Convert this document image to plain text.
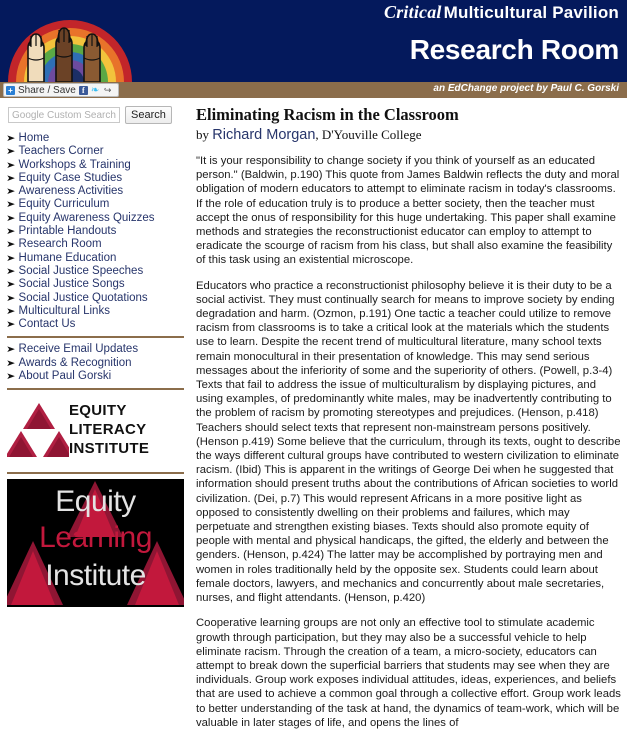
Critical Multicultural Pavilion
Research Room
+ Share / Save f ❧ ↪	an EdChange project by Paul C. Gorski
Google Custom Search
Search
➤ Home
➤ Teachers Corner
➤ Workshops & Training
➤ Equity Case Studies
➤ Awareness Activities
➤ Equity Curriculum
➤ Equity Awareness Quizzes
➤ Printable Handouts
➤ Research Room
➤ Humane Education
➤ Social Justice Speeches
➤ Social Justice Songs
➤ Social Justice Quotations
➤ Multicultural Links
➤ Contact Us
➤ Receive Email Updates
➤ Awards & Recognition
➤ About Paul Gorski
EQUITY
LITERACY
INSTITUTE
Equity
Learning
Institute
Eliminating Racism in the Classroom
by Richard Morgan, D'Youville College

"It is your responsibility to change society if you think of yourself as an educated person." (Baldwin, p.190) This quote from James Baldwin reflects the duty and moral obligation of modern educators to attempt to eliminate racism in today's classrooms. If the role of education truly is to produce a better society, then the teacher must accept the onus of responsibility for this huge undertaking. This paper shall examine methods and strategies the reconstructionist educator can employ to attempt to eradicate the scourge of racism from his class, but shall also examine the feasibility of this task using an existential microscope.

Educators who practice a reconstructionist philosophy believe it is their duty to be a social activist. They must continually search for means to improve society by ending degradation and harm. (Ozmon, p.191) One tactic a teacher could utilize to remove racism from classrooms is to take a critical look at the materials which the students use to learn. Despite the recent trend of multicultural literature, many school texts remain monocultural in their presentation of knowledge. This may send serious messages about the inferiority of some and the superiority of others. (Powell, p.3-4) Texts that fail to address the issue of multiculturalism by displaying pictures, and using examples, of predominantly white males, may be inadvertently contributing to the problem of racism by promoting stereotypes and prejudices. (Henson, p.418) Teachers should select texts that represent non-mainstream persons positively. (Henson p.419) Some believe that the curriculum, through its texts, ought to describe the ways different cultural groups have contributed to western civilization to eliminate racism. (Ibid) This is apparent in the writings of George Dei when he suggested that information should present truths about the contributions of African societies to world civilization. (Dei, p.7) This would represent Africans in a more positive light as opposed to consistently dwelling on their problems and failures, which may perpetuate and strengthen existing biases. Texts should also promote equity of people with mental and physical handicaps, the gifted, the elderly and between the genders. (Henson, p.424) The latter may be accomplished by portraying men and women in roles traditionally held by the opposite sex. Students could learn about female doctors, lawyers, and mechanics and concurrently about male secretaries, nurses, and flight attendants. (Henson, p.420)

Cooperative learning groups are not only an effective tool to stimulate academic growth through participation, but they may also be a successful vehicle to help eliminate racism. Through the creation of a team, a micro-society, educators can attempt to break down the superficial barriers that students may see when they are individuals. Group work exposes individual attitudes, ideas, experiences, and beliefs that are used to achieve a common goal through a collective effort. Group work leads to better understanding of the task at hand, the dynamics of team-work, which will be valuable in later stages of life, and opens the lines of
